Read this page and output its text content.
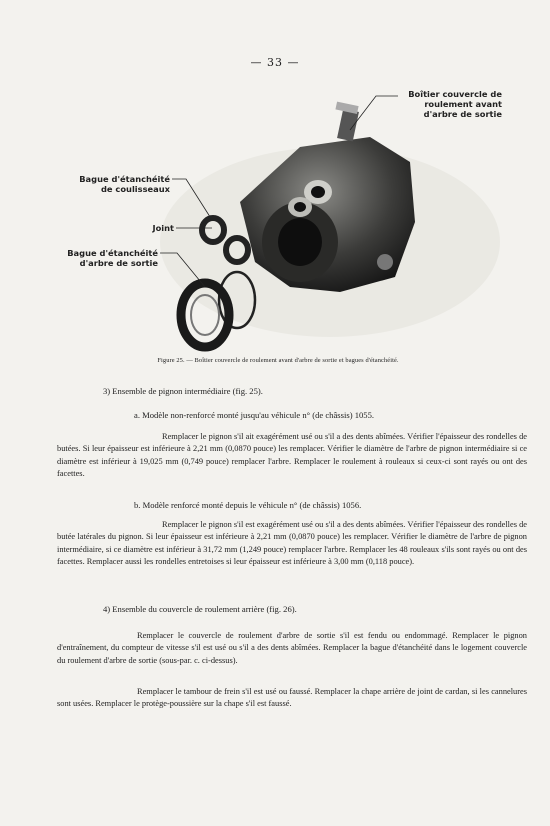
— 33 —
Boîtier couvercle de
roulement avant
d'arbre de sortie
Bague d'étanchéité
de coulisseaux
Joint
Bague d'étanchéité
d'arbre de sortie
Figure 25. — Boîtier couvercle de roulement avant d'arbre de sortie et bagues d'étanchéité.
3) Ensemble de pignon intermédiaire (fig. 25).
a. Modèle non-renforcé monté jusqu'au véhicule n° (de châssis) 1055.
Remplacer le pignon s'il ait exagérément usé ou s'il a des dents abîmées. Vérifier l'épaisseur des rondelles de butées. Si leur épaisseur est inférieure à 2,21 mm (0,0870 pouce) les remplacer. Vérifier le diamètre de l'arbre de pignon intermédiaire si ce diamètre est inférieur à 19,025 mm (0,749 pouce) remplacer l'arbre. Remplacer le roulement à rouleaux si ceux-ci sont rayés ou ont des facettes.
b. Modèle renforcé monté depuis le véhicule n° (de châssis) 1056.
Remplacer le pignon s'il est exagérément usé ou s'il a des dents abîmées. Vérifier l'épaisseur des rondelles de butée latérales du pignon. Si leur épaisseur est inférieure à 2,21 mm (0,0870 pouce) les remplacer. Vérifier le diamètre de l'arbre de pignon intermédiaire, si ce diamètre est inférieur à 31,72 mm (1,249 pouce) remplacer l'arbre. Remplacer les 48 rouleaux s'ils sont rayés ou ont des facettes. Remplacer aussi les rondelles entretoises si leur épaisseur est inférieure à 3,00 mm (0,118 pouce).
4) Ensemble du couvercle de roulement arrière (fig. 26).
Remplacer le couvercle de roulement d'arbre de sortie s'il est fendu ou endommagé. Remplacer le pignon d'entraînement, du compteur de vitesse s'il est usé ou s'il a des dents abîmées. Remplacer la bague d'étanchéité dans le logement couvercle du roulement d'arbre de sortie (sous-par. c. ci-dessus).
Remplacer le tambour de frein s'il est usé ou faussé. Remplacer la chape arrière de joint de cardan, si les cannelures sont usées. Remplacer le protège-poussière sur la chape s'il est faussé.
